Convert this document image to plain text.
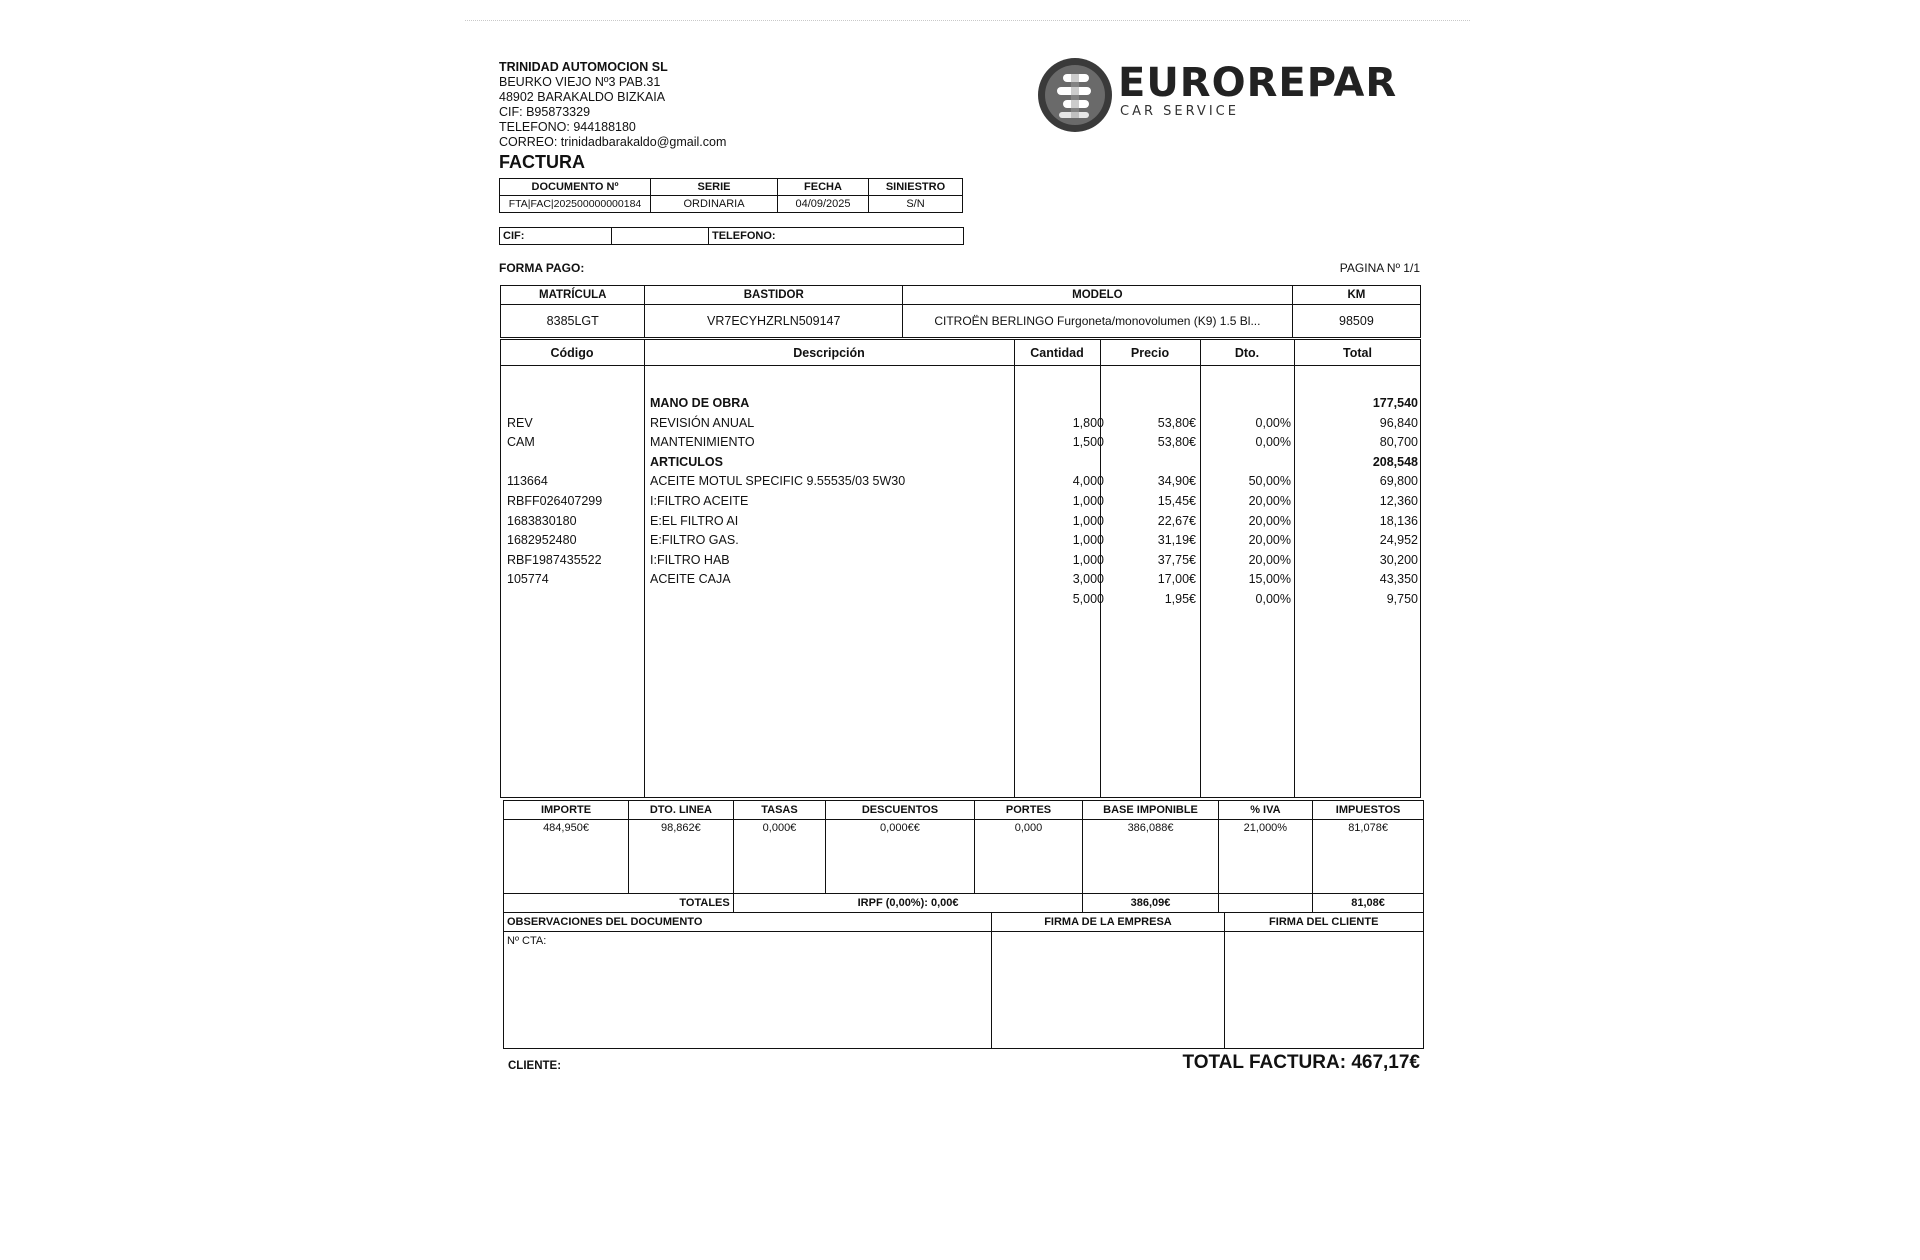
TRINIDAD AUTOMOCION SL
BEURKO VIEJO Nº3 PAB.31
48902 BARAKALDO BIZKAIA
CIF: B95873329
TELEFONO: 944188180
CORREO: trinidadbarakaldo@gmail.com
FACTURA
EUROREPAR
CAR SERVICE
DOCUMENTO Nº	SERIE	FECHA	SINIESTRO
FTA|FAC|202500000000184	ORDINARIA	04/09/2025	S/N
CIF:		TELEFONO:
FORMA PAGO:	PAGINA Nº 1/1
MATRÍCULA	BASTIDOR	MODELO	KM
8385LGT	VR7ECYHZRLN509147	CITROËN BERLINGO Furgoneta/monovolumen (K9) 1.5 Bl...	98509
Código	Descripción	Cantidad	Precio	Dto.	Total
MANO DE OBRA	177,540
REV	REVISIÓN ANUAL	1,800	53,80€	0,00%	96,840
CAM	MANTENIMIENTO	1,500	53,80€	0,00%	80,700
ARTICULOS	208,548
113664	ACEITE MOTUL SPECIFIC 9.55535/03 5W30	4,000	34,90€	50,00%	69,800
RBFF026407299	I:FILTRO ACEITE	1,000	15,45€	20,00%	12,360
1683830180	E:EL FILTRO AI	1,000	22,67€	20,00%	18,136
1682952480	E:FILTRO GAS.	1,000	31,19€	20,00%	24,952
RBF1987435522	I:FILTRO HAB	1,000	37,75€	20,00%	30,200
105774	ACEITE CAJA	3,000	17,00€	15,00%	43,350
5,000	1,95€	0,00%	9,750
IMPORTE	DTO. LINEA	TASAS	DESCUENTOS	PORTES	BASE IMPONIBLE	% IVA	IMPUESTOS
484,950€	98,862€	0,000€	0,000€€	0,000	386,088€	21,000%	81,078€
TOTALES		IRPF (0,00%): 0,00€			386,09€		81,08€
OBSERVACIONES DEL DOCUMENTO	FIRMA DE LA EMPRESA	FIRMA DEL CLIENTE
Nº CTA:		
CLIENTE:	TOTAL FACTURA: 467,17€
